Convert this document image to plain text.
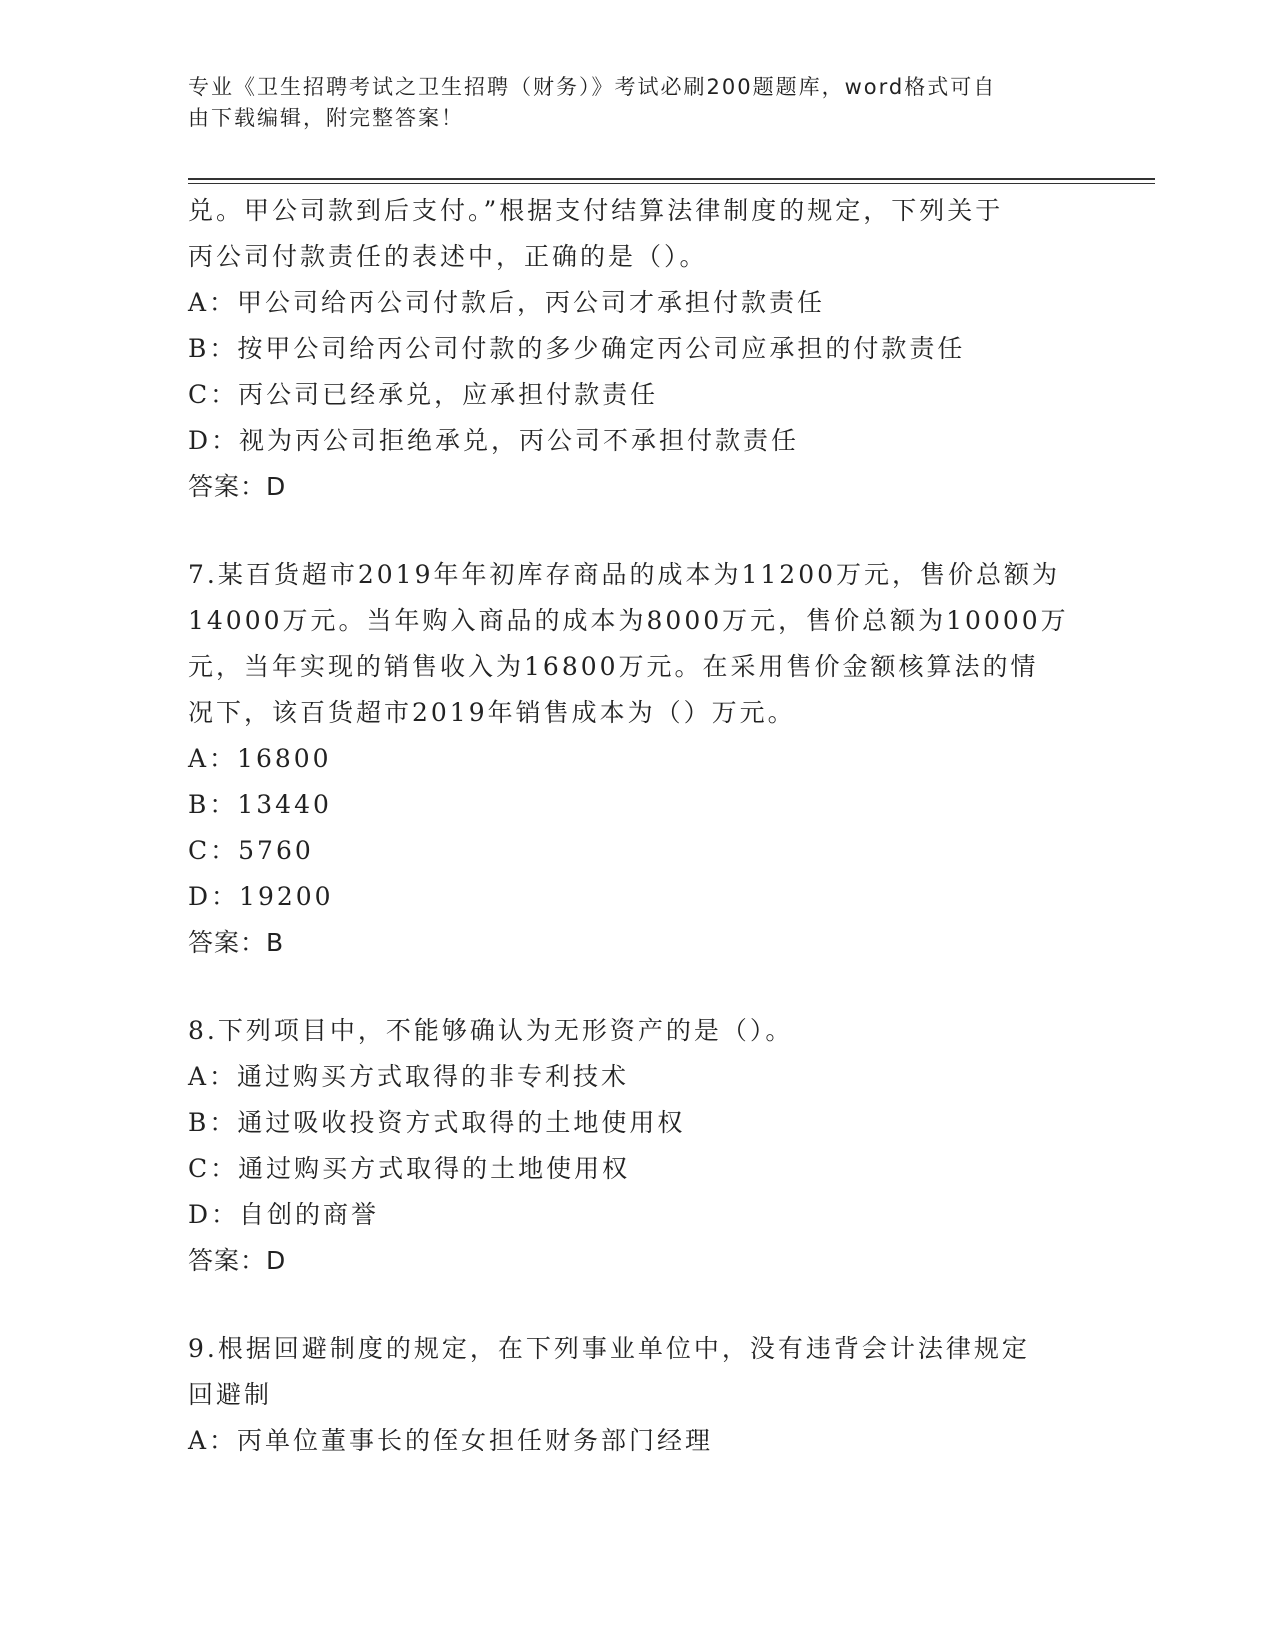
专业《卫生招聘考试之卫生招聘（财务）》考试必刷200题题库，word格式可自
由下载编辑，附完整答案！
兑。甲公司款到后支付。”根据支付结算法律制度的规定，下列关于
丙公司付款责任的表述中，正确的是（）。
A：甲公司给丙公司付款后，丙公司才承担付款责任
B：按甲公司给丙公司付款的多少确定丙公司应承担的付款责任
C：丙公司已经承兑，应承担付款责任
D：视为丙公司拒绝承兑，丙公司不承担付款责任
答案：D
7.某百货超市2019年年初库存商品的成本为11200万元，售价总额为
14000万元。当年购入商品的成本为8000万元，售价总额为10000万
元，当年实现的销售收入为16800万元。在采用售价金额核算法的情
况下，该百货超市2019年销售成本为（）万元。
A：16800
B：13440
C：5760
D：19200
答案：B
8.下列项目中，不能够确认为无形资产的是（）。
A：通过购买方式取得的非专利技术
B：通过吸收投资方式取得的土地使用权
C：通过购买方式取得的土地使用权
D：自创的商誉
答案：D
9.根据回避制度的规定，在下列事业单位中，没有违背会计法律规定
回避制
A：丙单位董事长的侄女担任财务部门经理
